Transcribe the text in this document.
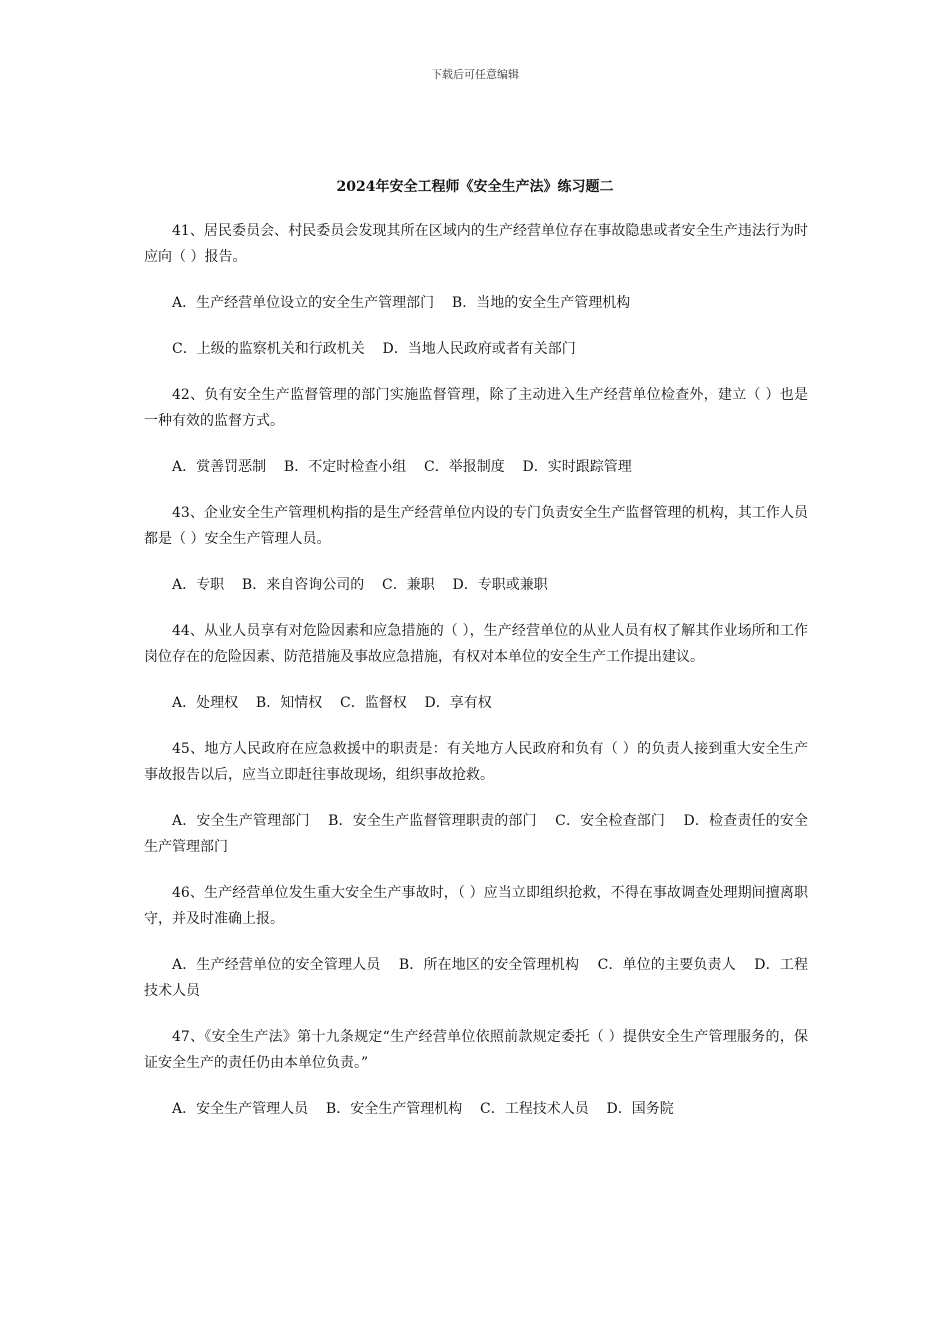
下载后可任意编辑
2024年安全工程师《安全生产法》练习题二

41、居民委员会、村民委员会发现其所在区域内的生产经营单位存在事故隐患或者安全生产违法行为时应向（ ）报告。

A．生产经营单位设立的安全生产管理部门    B．当地的安全生产管理机构

C．上级的监察机关和行政机关    D．当地人民政府或者有关部门

42、负有安全生产监督管理的部门实施监督管理，除了主动进入生产经营单位检查外，建立（ ）也是一种有效的监督方式。

A．赏善罚恶制    B．不定时检查小组    C．举报制度    D．实时跟踪管理

43、企业安全生产管理机构指的是生产经营单位内设的专门负责安全生产监督管理的机构，其工作人员都是（ ）安全生产管理人员。

A．专职    B．来自咨询公司的    C．兼职    D．专职或兼职

44、从业人员享有对危险因素和应急措施的（ ），生产经营单位的从业人员有权了解其作业场所和工作岗位存在的危险因素、防范措施及事故应急措施，有权对本单位的安全生产工作提出建议。

A．处理权    B．知情权    C．监督权    D．享有权

45、地方人民政府在应急救援中的职责是：有关地方人民政府和负有（ ）的负责人接到重大安全生产事故报告以后，应当立即赶往事故现场，组织事故抢救。

A．安全生产管理部门    B．安全生产监督管理职责的部门    C．安全检查部门    D．检查责任的安全生产管理部门

46、生产经营单位发生重大安全生产事故时，（ ）应当立即组织抢救，不得在事故调查处理期间擅离职守，并及时准确上报。

A．生产经营单位的安全管理人员    B．所在地区的安全管理机构    C．单位的主要负责人    D．工程技术人员

47、《安全生产法》第十九条规定“生产经营单位依照前款规定委托（ ）提供安全生产管理服务的，保证安全生产的责任仍由本单位负责。”

A．安全生产管理人员    B．安全生产管理机构    C．工程技术人员    D．国务院
